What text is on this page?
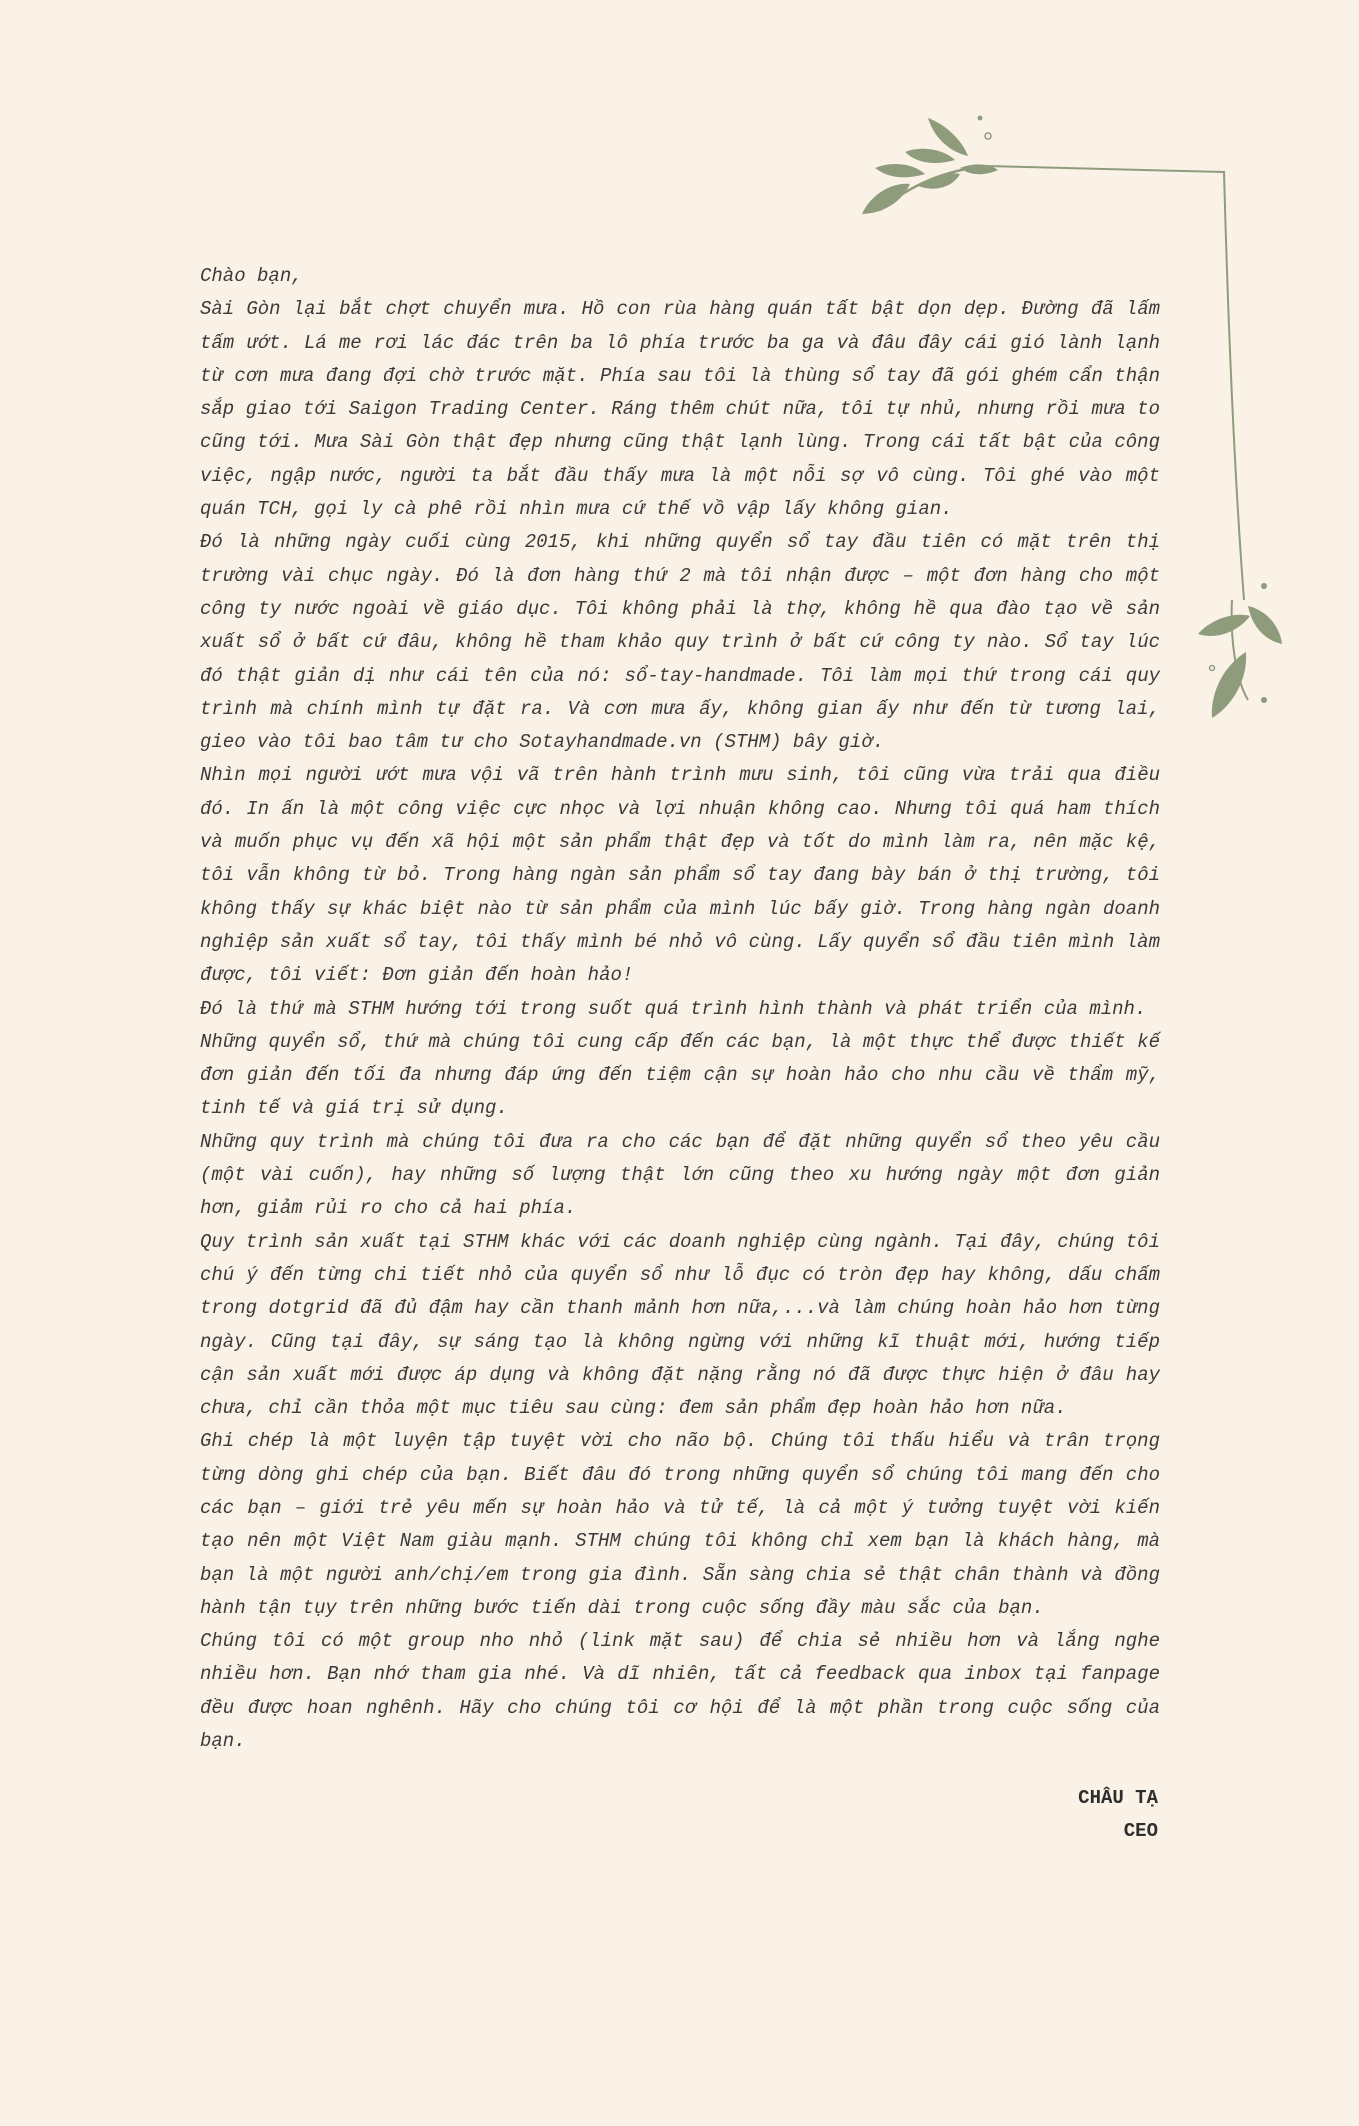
Chào bạn,

Sài Gòn lại bắt chợt chuyển mưa. Hồ con rùa hàng quán tất bật dọn dẹp. Đường đã lấm tấm ướt. Lá me rơi lác đác trên ba lô phía trước ba ga và đâu đây cái gió lành lạnh từ cơn mưa đang đợi chờ trước mặt. Phía sau tôi là thùng sổ tay đã gói ghém cẩn thận sắp giao tới Saigon Trading Center. Ráng thêm chút nữa, tôi tự nhủ, nhưng rồi mưa to cũng tới. Mưa Sài Gòn thật đẹp nhưng cũng thật lạnh lùng. Trong cái tất bật của công việc, ngập nước, người ta bắt đầu thấy mưa là một nỗi sợ vô cùng. Tôi ghé vào một quán TCH, gọi ly cà phê rồi nhìn mưa cứ thế vồ vập lấy không gian.

Đó là những ngày cuối cùng 2015, khi những quyển sổ tay đầu tiên có mặt trên thị trường vài chục ngày. Đó là đơn hàng thứ 2 mà tôi nhận được – một đơn hàng cho một công ty nước ngoài về giáo dục. Tôi không phải là thợ, không hề qua đào tạo về sản xuất sổ ở bất cứ đâu, không hề tham khảo quy trình ở bất cứ công ty nào. Sổ tay lúc đó thật giản dị như cái tên của nó: sổ-tay-handmade. Tôi làm mọi thứ trong cái quy trình mà chính mình tự đặt ra. Và cơn mưa ấy, không gian ấy như đến từ tương lai, gieo vào tôi bao tâm tư cho Sotayhandmade.vn (STHM) bây giờ.

Nhìn mọi người ướt mưa vội vã trên hành trình mưu sinh, tôi cũng vừa trải qua điều đó. In ấn là một công việc cực nhọc và lợi nhuận không cao. Nhưng tôi quá ham thích và muốn phục vụ đến xã hội một sản phẩm thật đẹp và tốt do mình làm ra, nên mặc kệ, tôi vẫn không từ bỏ. Trong hàng ngàn sản phẩm sổ tay đang bày bán ở thị trường, tôi không thấy sự khác biệt nào từ sản phẩm của mình lúc bấy giờ. Trong hàng ngàn doanh nghiệp sản xuất sổ tay, tôi thấy mình bé nhỏ vô cùng. Lấy quyển sổ đầu tiên mình làm được, tôi viết: Đơn giản đến hoàn hảo!

Đó là thứ mà STHM hướng tới trong suốt quá trình hình thành và phát triển của mình.

Những quyển sổ, thứ mà chúng tôi cung cấp đến các bạn, là một thực thể được thiết kế đơn giản đến tối đa nhưng đáp ứng đến tiệm cận sự hoàn hảo cho nhu cầu về thẩm mỹ, tinh tế và giá trị sử dụng.

Những quy trình mà chúng tôi đưa ra cho các bạn để đặt những quyển sổ theo yêu cầu (một vài cuốn), hay những số lượng thật lớn cũng theo xu hướng ngày một đơn giản hơn, giảm rủi ro cho cả hai phía.

Quy trình sản xuất tại STHM khác với các doanh nghiệp cùng ngành. Tại đây, chúng tôi chú ý đến từng chi tiết nhỏ của quyển sổ như lỗ đục có tròn đẹp hay không, dấu chấm trong dotgrid đã đủ đậm hay cần thanh mảnh hơn nữa,...và làm chúng hoàn hảo hơn từng ngày. Cũng tại đây, sự sáng tạo là không ngừng với những kĩ thuật mới, hướng tiếp cận sản xuất mới được áp dụng và không đặt nặng rằng nó đã được thực hiện ở đâu hay chưa, chỉ cần thỏa một mục tiêu sau cùng: đem sản phẩm đẹp hoàn hảo hơn nữa.

Ghi chép là một luyện tập tuyệt vời cho não bộ. Chúng tôi thấu hiểu và trân trọng từng dòng ghi chép của bạn. Biết đâu đó trong những quyển sổ chúng tôi mang đến cho các bạn – giới trẻ yêu mến sự hoàn hảo và tử tế, là cả một ý tưởng tuyệt vời kiến tạo nên một Việt Nam giàu mạnh. STHM chúng tôi không chỉ xem bạn là khách hàng, mà bạn là một người anh/chị/em trong gia đình. Sẵn sàng chia sẻ thật chân thành và đồng hành tận tụy trên những bước tiến dài trong cuộc sống đầy màu sắc của bạn.

Chúng tôi có một group nho nhỏ (link mặt sau) để chia sẻ nhiều hơn và lắng nghe nhiều hơn. Bạn nhớ tham gia nhé. Và dĩ nhiên, tất cả feedback qua inbox tại fanpage đều được hoan nghênh. Hãy cho chúng tôi cơ hội để là một phần trong cuộc sống của bạn.

CHÂU TẠ
CEO
